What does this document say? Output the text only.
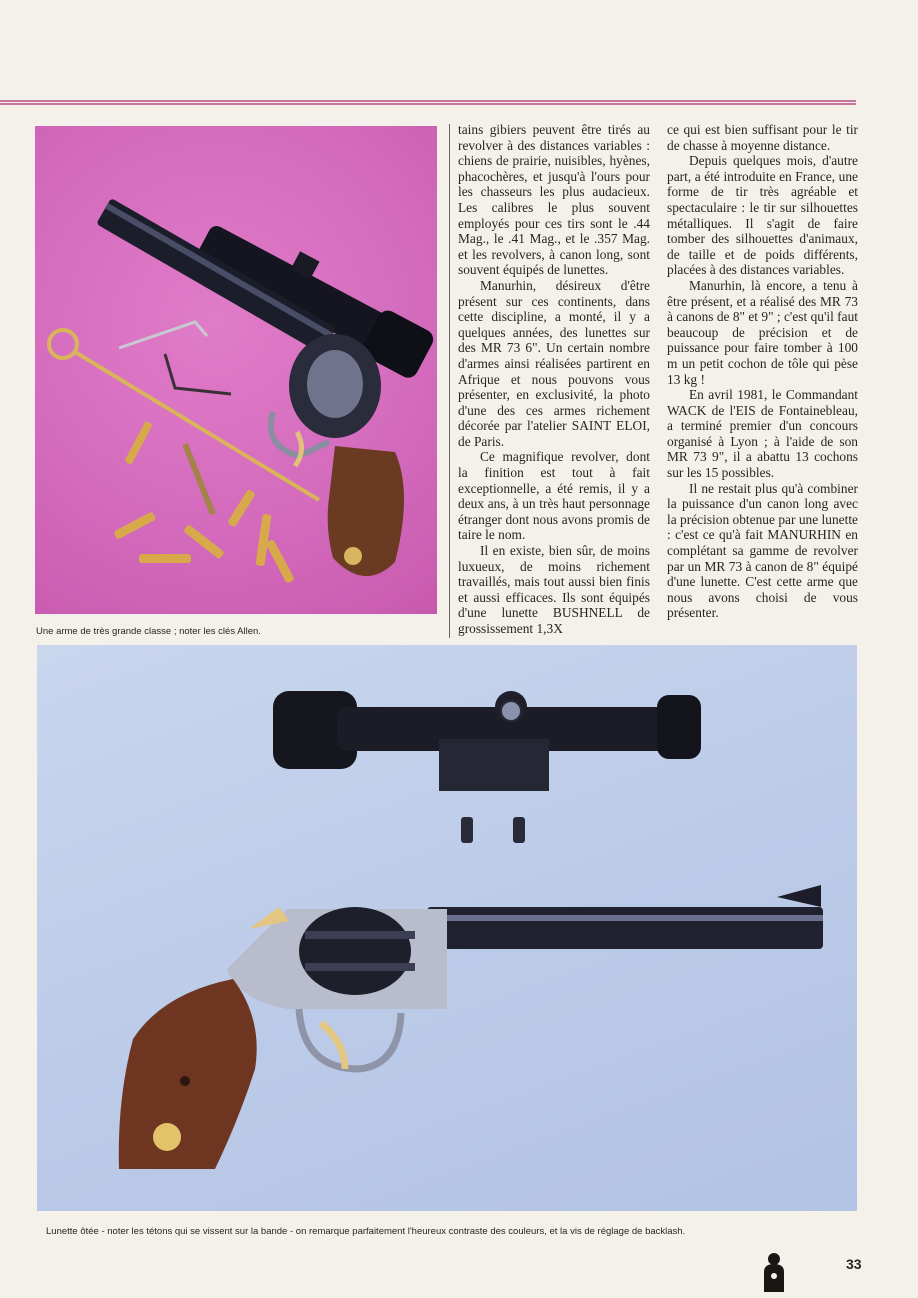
Une arme de très grande classe ; noter les clés Allen.

tains gibiers peuvent être tirés au revolver à des distances variables : chiens de prairie, nuisibles, hyènes, phacochères, et jusqu'à l'ours pour les chasseurs les plus audacieux. Les calibres le plus souvent employés pour ces tirs sont le .44 Mag., le .41 Mag., et le .357 Mag. et les revolvers, à canon long, sont souvent équipés de lunettes.

Manurhin, désireux d'être présent sur ces continents, dans cette discipline, a monté, il y a quelques années, des lunettes sur des MR 73 6". Un certain nombre d'armes ainsi réalisées partirent en Afrique et nous pouvons vous présenter, en exclusivité, la photo d'une des ces armes richement décorée par l'atelier SAINT ELOI, de Paris.

Ce magnifique revolver, dont la finition est tout à fait exceptionnelle, a été remis, il y a deux ans, à un très haut personnage étranger dont nous avons promis de taire le nom.

Il en existe, bien sûr, de moins luxueux, de moins richement travaillés, mais tout aussi bien finis et aussi efficaces. Ils sont équipés d'une lunette BUSHNELL de grossissement 1,3X

ce qui est bien suffisant pour le tir de chasse à moyenne distance.

Depuis quelques mois, d'autre part, a été introduite en France, une forme de tir très agréable et spectaculaire : le tir sur silhouettes métalliques. Il s'agit de faire tomber des silhouettes d'animaux, de taille et de poids différents, placées à des distances variables.

Manurhin, là encore, a tenu à être présent, et a réalisé des MR 73 à canons de 8" et 9" ; c'est qu'il faut beaucoup de précision et de puissance pour faire tomber à 100 m un petit cochon de tôle qui pèse 13 kg !

En avril 1981, le Commandant WACK de l'EIS de Fontainebleau, a terminé premier d'un concours organisé à Lyon ; à l'aide de son MR 73 9", il a abattu 13 cochons sur les 15 possibles.

Il ne restait plus qu'à combiner la puissance d'un canon long avec la précision obtenue par une lunette : c'est ce qu'à fait MANURHIN en complétant sa gamme de revolver par un MR 73 à canon de 8" équipé d'une lunette. C'est cette arme que nous avons choisi de vous présenter.

Lunette ôtée - noter les tétons qui se vissent sur la bande - on remarque parfaitement l'heureux contraste des couleurs, et la vis de réglage de backlash.
33
